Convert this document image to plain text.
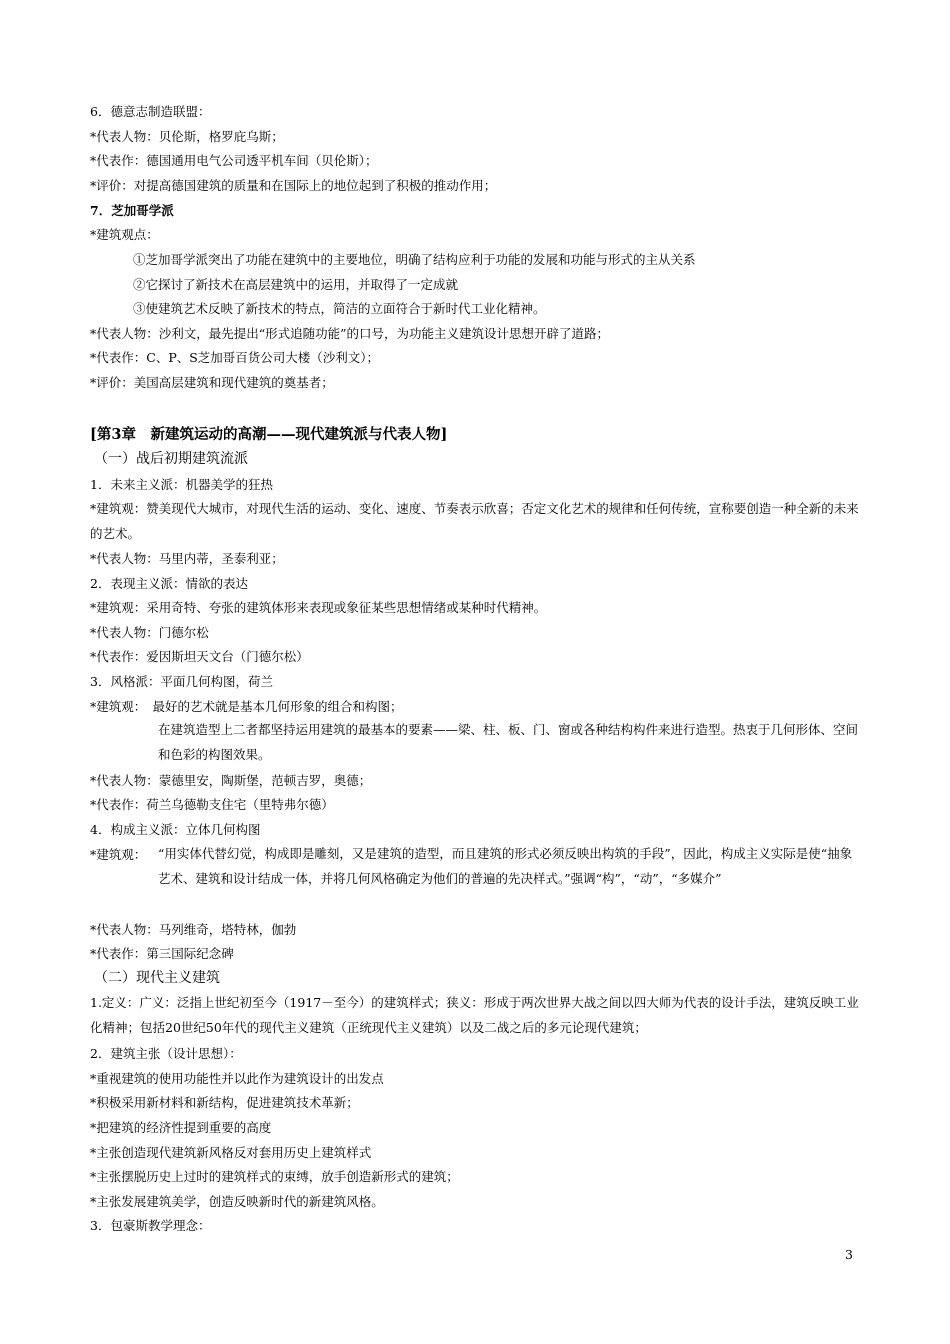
6．德意志制造联盟：
*代表人物：贝伦斯，格罗庇乌斯；
*代表作：德国通用电气公司透平机车间（贝伦斯）；
*评价：对提高德国建筑的质量和在国际上的地位起到了积极的推动作用；
7．芝加哥学派
*建筑观点：
①芝加哥学派突出了功能在建筑中的主要地位，明确了结构应利于功能的发展和功能与形式的主从关系
②它探讨了新技术在高层建筑中的运用，并取得了一定成就
③使建筑艺术反映了新技术的特点，简洁的立面符合于新时代工业化精神。
*代表人物：沙利文，最先提出“形式追随功能”的口号，为功能主义建筑设计思想开辟了道路；
*代表作：C、P、S芝加哥百货公司大楼（沙利文）；
*评价：美国高层建筑和现代建筑的奠基者；
[第3章　新建筑运动的高潮——现代建筑派与代表人物]
（一）战后初期建筑流派
1．未来主义派：机器美学的狂热
*建筑观：赞美现代大城市，对现代生活的运动、变化、速度、节奏表示欣喜；否定文化艺术的规律和任何传统，宣称要创造一种全新的未来的艺术。
*代表人物：马里内蒂，圣泰利亚；
2．表现主义派：情欲的表达
*建筑观：采用奇特、夸张的建筑体形来表现或象征某些思想情绪或某种时代精神。
*代表人物：门德尔松
*代表作：爱因斯坦天文台（门德尔松）
3．风格派：平面几何构图，荷兰
*建筑观：　最好的艺术就是基本几何形象的组合和构图；
在建筑造型上二者都坚持运用建筑的最基本的要素——梁、柱、板、门、窗或各种结构构件来进行造型。热衷于几何形体、空间和色彩的构图效果。
*代表人物：蒙德里安，陶斯堡，范顿吉罗，奥德；
*代表作：荷兰乌德勒支住宅（里特弗尔德）
4．构成主义派：立体几何构图
*建筑观： “用实体代替幻觉，构成即是雕刻，又是建筑的造型，而且建筑的形式必须反映出构筑的手段”，因此，构成主义实际是使“抽象艺术、建筑和设计结成一体，并将几何风格确定为他们的普遍的先决样式。”强调“构”，“动”，“多媒介”
*代表人物：马列维奇，塔特林，伽勃
*代表作：第三国际纪念碑
（二）现代主义建筑
1.定义：广义：泛指上世纪初至今（1917－至今）的建筑样式；狭义：形成于两次世界大战之间以四大师为代表的设计手法，建筑反映工业化精神；包括20世纪50年代的现代主义建筑（正统现代主义建筑）以及二战之后的多元论现代建筑；
2．建筑主张（设计思想）：
*重视建筑的使用功能性并以此作为建筑设计的出发点
*积极采用新材料和新结构，促进建筑技术革新；
*把建筑的经济性提到重要的高度
*主张创造现代建筑新风格反对套用历史上建筑样式
*主张摆脱历史上过时的建筑样式的束缚，放手创造新形式的建筑；
*主张发展建筑美学，创造反映新时代的新建筑风格。
3．包豪斯教学理念：
3
